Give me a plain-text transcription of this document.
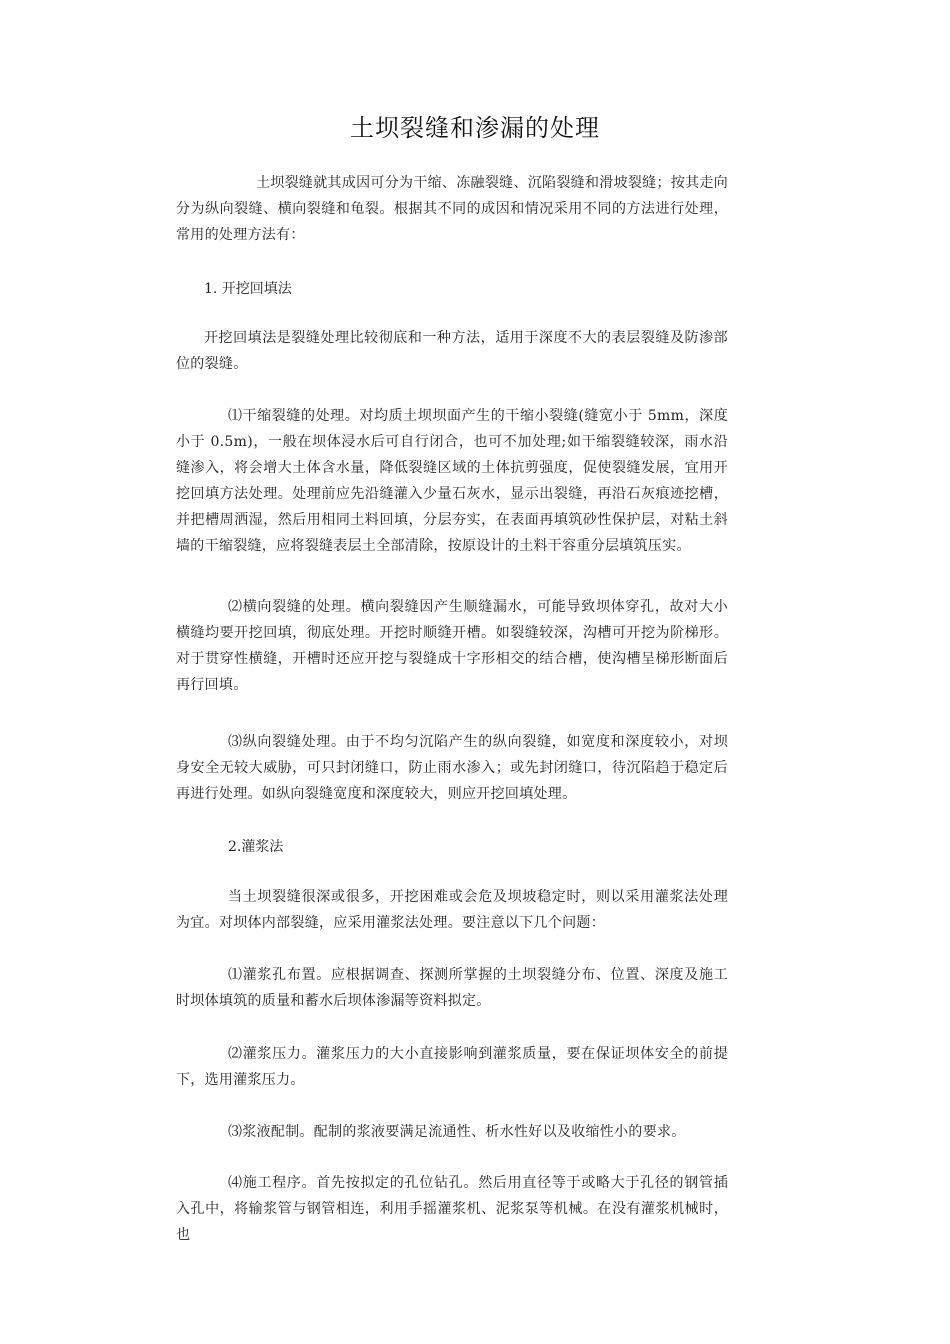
土坝裂缝和渗漏的处理

土坝裂缝就其成因可分为干缩、冻融裂缝、沉陷裂缝和滑坡裂缝；按其走向分为纵向裂缝、横向裂缝和龟裂。根据其不同的成因和情况采用不同的方法进行处理，常用的处理方法有：

1. 开挖回填法

开挖回填法是裂缝处理比较彻底和一种方法，适用于深度不大的表层裂缝及防渗部位的裂缝。

⑴干缩裂缝的处理。对均质土坝坝面产生的干缩小裂缝(缝宽小于 5mm，深度小于 0.5m)，一般在坝体浸水后可自行闭合，也可不加处理;如干缩裂缝较深，雨水沿缝渗入，将会增大土体含水量，降低裂缝区域的土体抗剪强度，促使裂缝发展，宜用开挖回填方法处理。处理前应先沿缝灌入少量石灰水，显示出裂缝，再沿石灰痕迹挖槽，并把槽周洒湿，然后用相同土料回填，分层夯实，在表面再填筑砂性保护层，对粘土斜墙的干缩裂缝，应将裂缝表层土全部清除，按原设计的土料干容重分层填筑压实。

⑵横向裂缝的处理。横向裂缝因产生顺缝漏水，可能导致坝体穿孔，故对大小横缝均要开挖回填，彻底处理。开挖时顺缝开槽。如裂缝较深，沟槽可开挖为阶梯形。对于贯穿性横缝，开槽时还应开挖与裂缝成十字形相交的结合槽，使沟槽呈梯形断面后再行回填。

⑶纵向裂缝处理。由于不均匀沉陷产生的纵向裂缝，如宽度和深度较小，对坝身安全无较大威胁，可只封闭缝口，防止雨水渗入；或先封闭缝口，待沉陷趋于稳定后再进行处理。如纵向裂缝宽度和深度较大，则应开挖回填处理。

2.灌浆法

当土坝裂缝很深或很多，开挖困难或会危及坝坡稳定时，则以采用灌浆法处理为宜。对坝体内部裂缝，应采用灌浆法处理。要注意以下几个问题：

⑴灌浆孔布置。应根据调查、探测所掌握的土坝裂缝分布、位置、深度及施工时坝体填筑的质量和蓄水后坝体渗漏等资料拟定。

⑵灌浆压力。灌浆压力的大小直接影响到灌浆质量，要在保证坝体安全的前提下，选用灌浆压力。

⑶浆液配制。配制的浆液要满足流通性、析水性好以及收缩性小的要求。

⑷施工程序。首先按拟定的孔位钻孔。然后用直径等于或略大于孔径的钢管插入孔中，将输浆管与钢管相连，利用手摇灌浆机、泥浆泵等机械。在没有灌浆机械时，也
